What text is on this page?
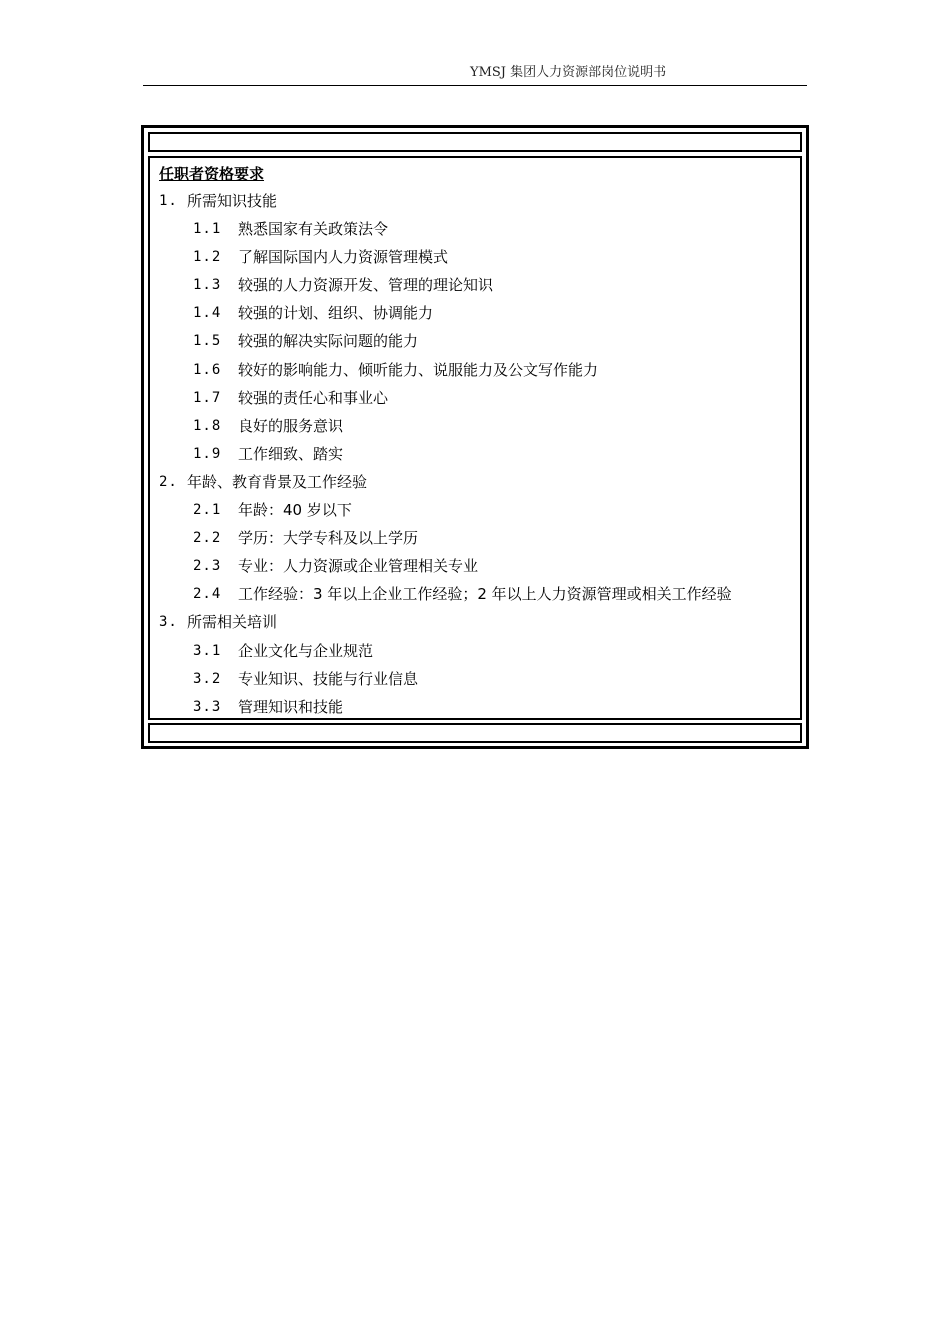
YMSJ 集团人力资源部岗位说明书
任职者资格要求
1. 所需知识技能
1.1 熟悉国家有关政策法令
1.2 了解国际国内人力资源管理模式
1.3 较强的人力资源开发、管理的理论知识
1.4 较强的计划、组织、协调能力
1.5 较强的解决实际问题的能力
1.6 较好的影响能力、倾听能力、说服能力及公文写作能力
1.7 较强的责任心和事业心
1.8 良好的服务意识
1.9 工作细致、踏实
2. 年龄、教育背景及工作经验
2.1 年龄：40 岁以下
2.2 学历：大学专科及以上学历
2.3 专业：人力资源或企业管理相关专业
2.4 工作经验：3 年以上企业工作经验；2 年以上人力资源管理或相关工作经验
3. 所需相关培训
3.1 企业文化与企业规范
3.2 专业知识、技能与行业信息
3.3 管理知识和技能
